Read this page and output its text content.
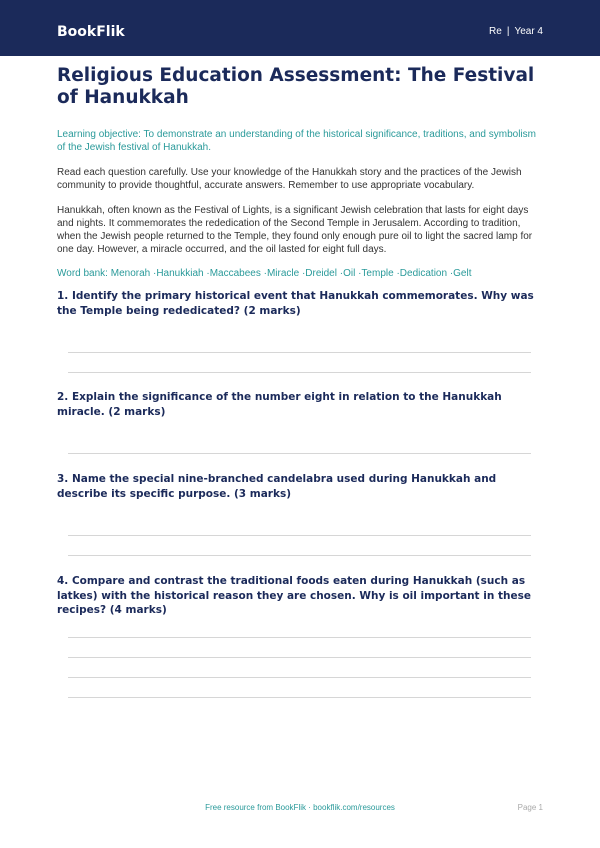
BookFlik	Re | Year 4
Religious Education Assessment: The Festival of Hanukkah
Learning objective: To demonstrate an understanding of the historical significance, traditions, and symbolism of the Jewish festival of Hanukkah.
Read each question carefully. Use your knowledge of the Hanukkah story and the practices of the Jewish community to provide thoughtful, accurate answers. Remember to use appropriate vocabulary.
Hanukkah, often known as the Festival of Lights, is a significant Jewish celebration that lasts for eight days and nights. It commemorates the rededication of the Second Temple in Jerusalem. According to tradition, when the Jewish people returned to the Temple, they found only enough pure oil to light the sacred lamp for one day. However, a miracle occurred, and the oil lasted for eight full days.
Word bank: Menorah · Hanukkiah · Maccabees · Miracle · Dreidel · Oil · Temple · Dedication · Gelt
1. Identify the primary historical event that Hanukkah commemorates. Why was the Temple being rededicated? (2 marks)
2. Explain the significance of the number eight in relation to the Hanukkah miracle. (2 marks)
3. Name the special nine-branched candelabra used during Hanukkah and describe its specific purpose. (3 marks)
4. Compare and contrast the traditional foods eaten during Hanukkah (such as latkes) with the historical reason they are chosen. Why is oil important in these recipes? (4 marks)
Free resource from BookFlik · bookflik.com/resources	Page 1
